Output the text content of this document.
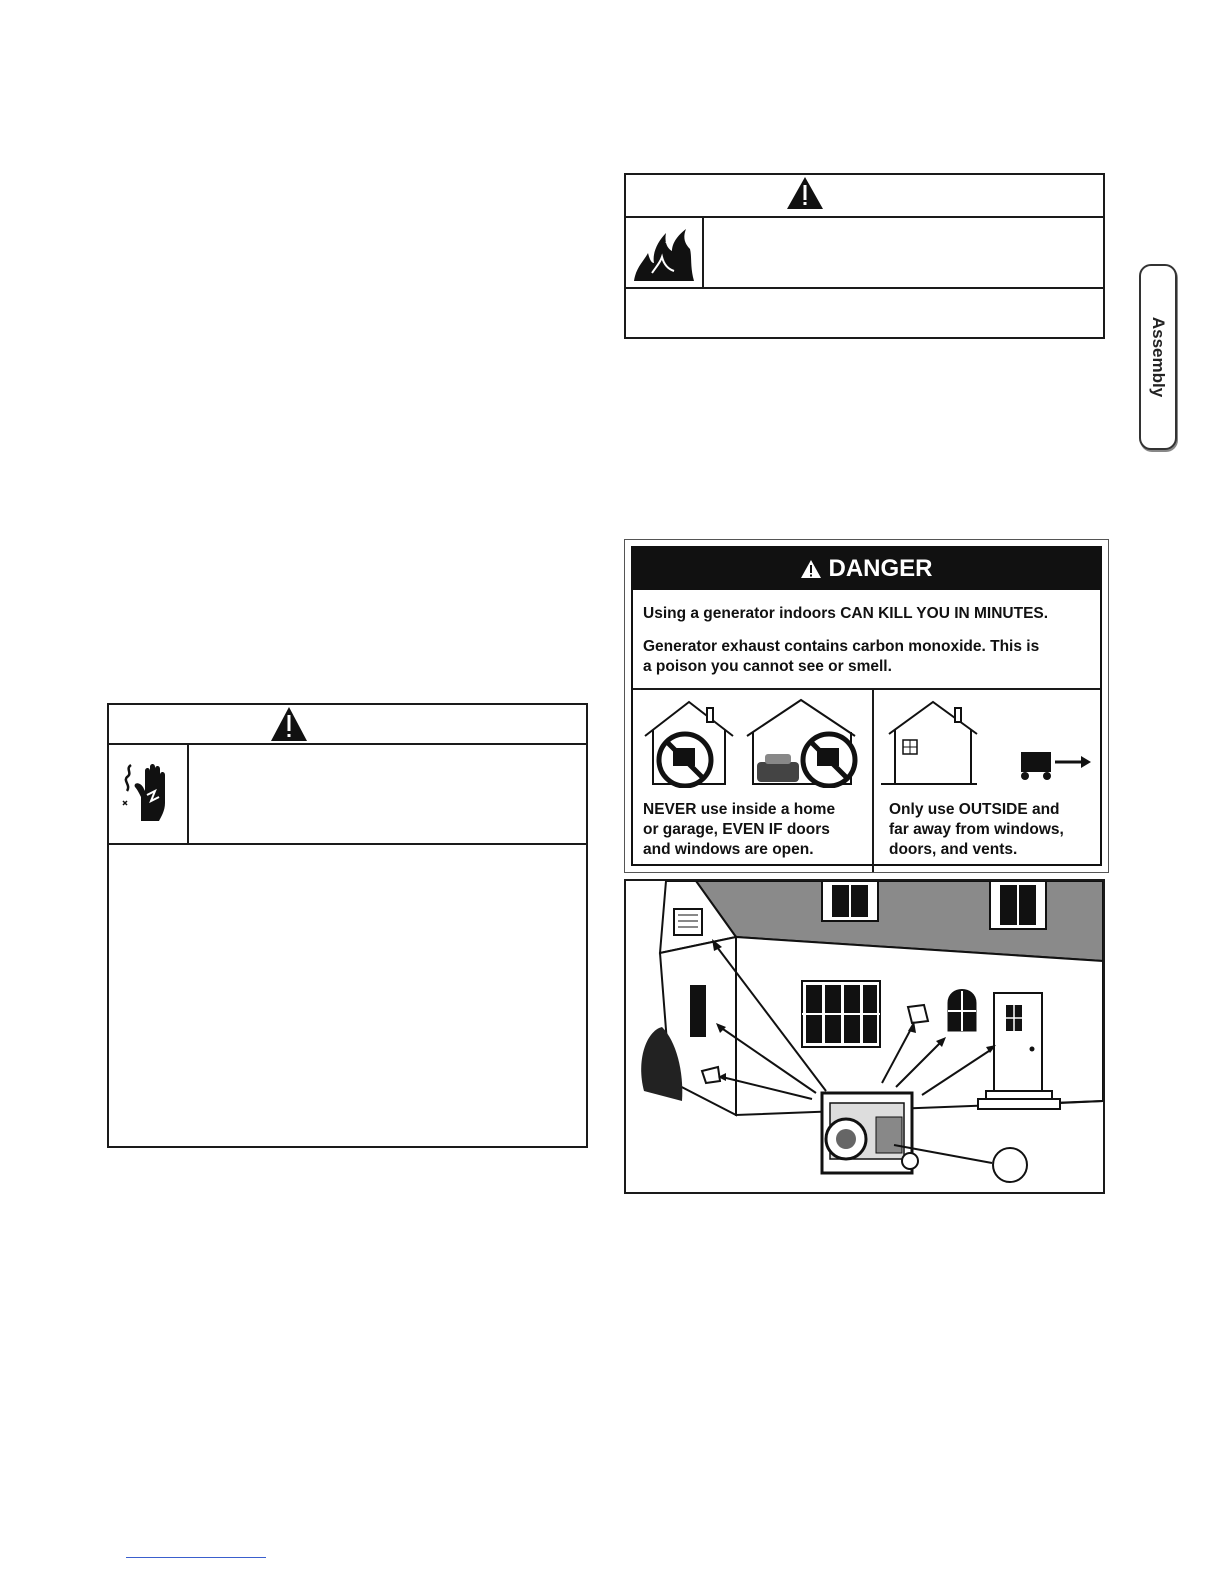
Assembly
DANGER
Using a generator indoors CAN KILL YOU IN MINUTES.
Generator exhaust contains carbon monoxide. This is
a poison you cannot see or smell.
NEVER use inside a home
or garage, EVEN IF doors
and windows are open.
Only use OUTSIDE and
far away from windows,
doors, and vents.
